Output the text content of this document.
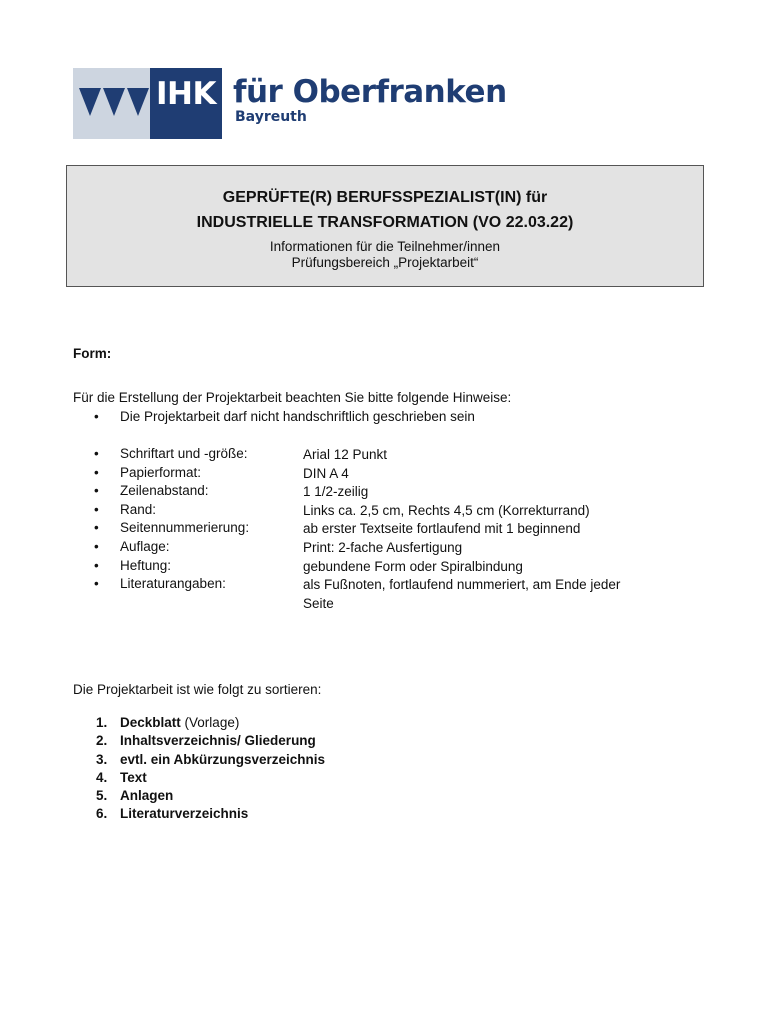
IHK für Oberfranken
Bayreuth
GEPRÜFTE(R) BERUFSSPEZIALIST(IN) für
INDUSTRIELLE TRANSFORMATION (VO 22.03.22)
Informationen für die Teilnehmer/innen
Prüfungsbereich „Projektarbeit“
Form:
Für die Erstellung der Projektarbeit beachten Sie bitte folgende Hinweise:
• Die Projektarbeit darf nicht handschriftlich geschrieben sein
• Schriftart und -größe:	Arial 12 Punkt
• Papierformat:	DIN A 4
• Zeilenabstand:	1 1/2-zeilig
• Rand:	Links ca. 2,5 cm, Rechts 4,5 cm (Korrekturrand)
• Seitennummerierung:	ab erster Textseite fortlaufend mit 1 beginnend
• Auflage:	Print: 2-fache Ausfertigung
• Heftung:	gebundene Form oder Spiralbindung
• Literaturangaben:	als Fußnoten, fortlaufend nummeriert, am Ende jeder Seite
Die Projektarbeit ist wie folgt zu sortieren:
1. Deckblatt (Vorlage)
2. Inhaltsverzeichnis/ Gliederung
3. evtl. ein Abkürzungsverzeichnis
4. Text
5. Anlagen
6. Literaturverzeichnis
